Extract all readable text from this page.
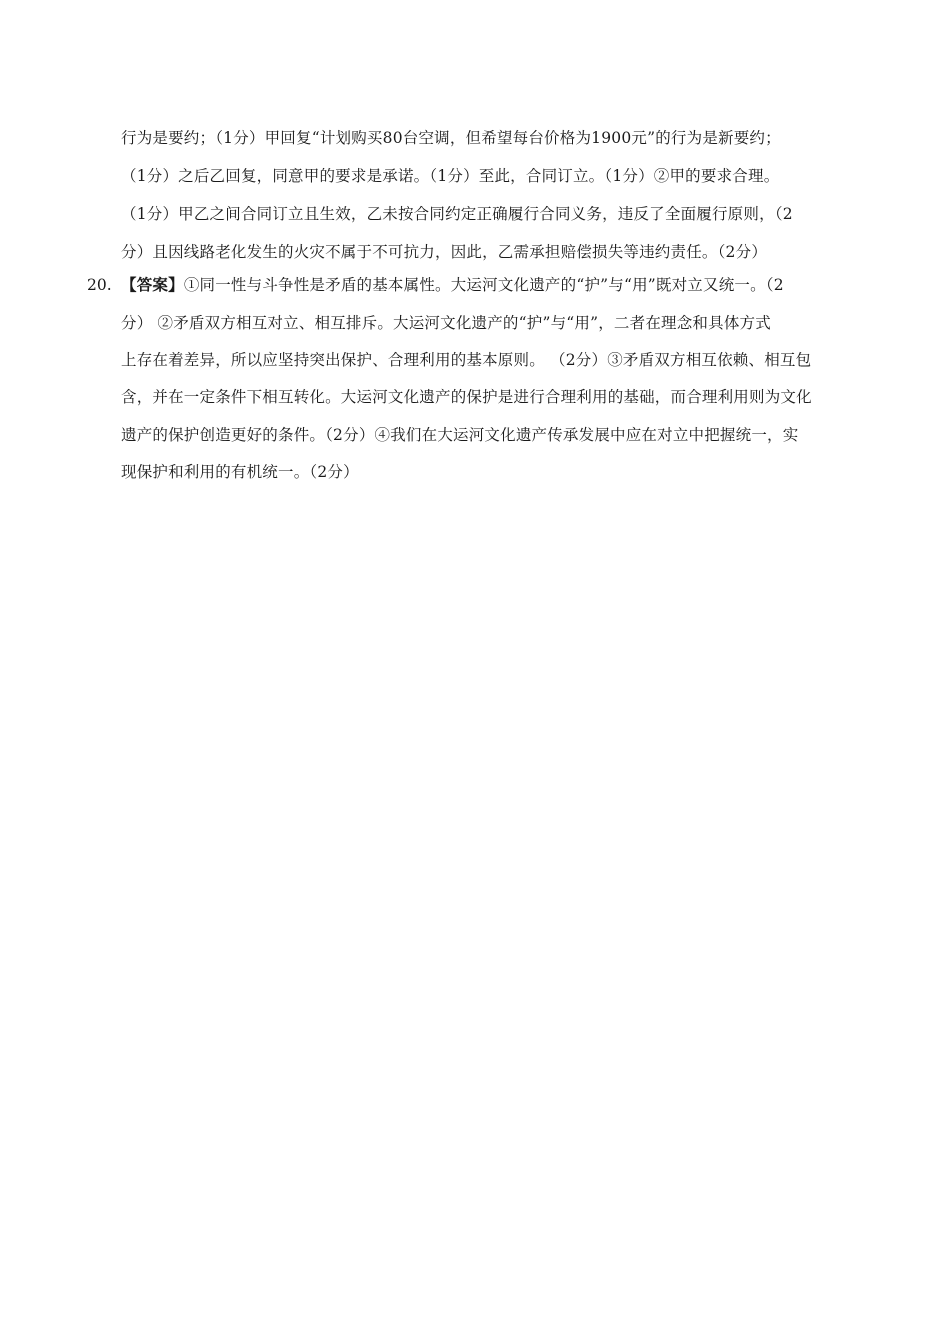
行为是要约；（1分）甲回复“计划购买80台空调，但希望每台价格为1900元”的行为是新要约；
（1分）之后乙回复，同意甲的要求是承诺。（1分）至此，合同订立。（1分）②甲的要求合理。
（1分）甲乙之间合同订立且生效，乙未按合同约定正确履行合同义务，违反了全面履行原则，（2
分）且因线路老化发生的火灾不属于不可抗力，因此，乙需承担赔偿损失等违约责任。（2分）
20. 【答案】①同一性与斗争性是矛盾的基本属性。大运河文化遗产的“护”与“用”既对立又统一。（2
分） ②矛盾双方相互对立、相互排斥。大运河文化遗产的“护”与“用”，二者在理念和具体方式
上存在着差异，所以应坚持突出保护、合理利用的基本原则。 （2分）③矛盾双方相互依赖、相互包
含，并在一定条件下相互转化。大运河文化遗产的保护是进行合理利用的基础，而合理利用则为文化
遗产的保护创造更好的条件。（2分）④我们在大运河文化遗产传承发展中应在对立中把握统一，实
现保护和利用的有机统一。（2分）
